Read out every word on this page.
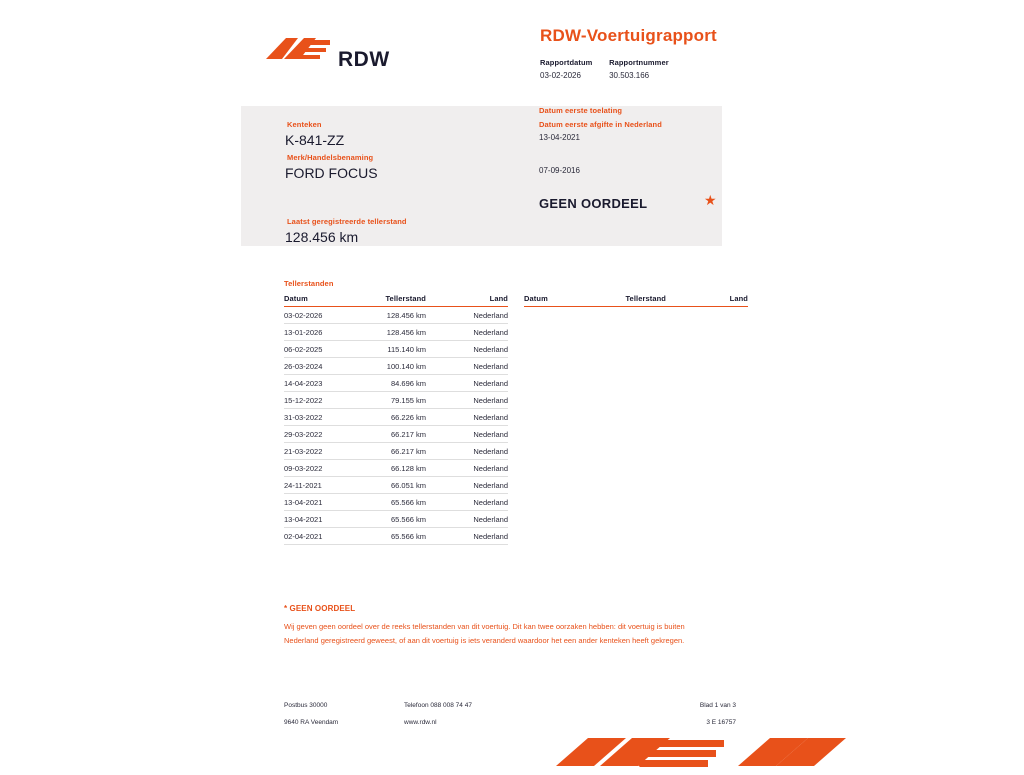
RDW
RDW-Voertuigrapport
Rapportdatum
03-02-2026

Rapportnummer
30.503.166
Kenteken
K-841-ZZ
Merk/Handelsbenaming
FORD FOCUS
Laatst geregistreerde tellerstand
128.456 km
Datum eerste afgifte in Nederland
13-04-2021
Datum eerste toelating
07-09-2016
GEEN OORDEEL	★
Tellerstanden
Datum	Tellerstand	Land
03-02-2026	128.456 km	Nederland
13-01-2026	128.456 km	Nederland
06-02-2025	115.140 km	Nederland
26-03-2024	100.140 km	Nederland
14-04-2023	84.696 km	Nederland
15-12-2022	79.155 km	Nederland
31-03-2022	66.226 km	Nederland
29-03-2022	66.217 km	Nederland
21-03-2022	66.217 km	Nederland
09-03-2022	66.128 km	Nederland
24-11-2021	66.051 km	Nederland
13-04-2021	65.566 km	Nederland
13-04-2021	65.566 km	Nederland
02-04-2021	65.566 km	Nederland
Datum	Tellerstand	Land
* GEEN OORDEEL
Wij geven geen oordeel over de reeks tellerstanden van dit voertuig. Dit kan twee oorzaken hebben: dit voertuig is buiten Nederland geregistreerd geweest, of aan dit voertuig is iets veranderd waardoor het een ander kenteken heeft gekregen.
Postbus 30000
9640 RA Veendam
Telefoon 088 008 74 47
www.rdw.nl
Blad 1 van 3
3 E 16757
